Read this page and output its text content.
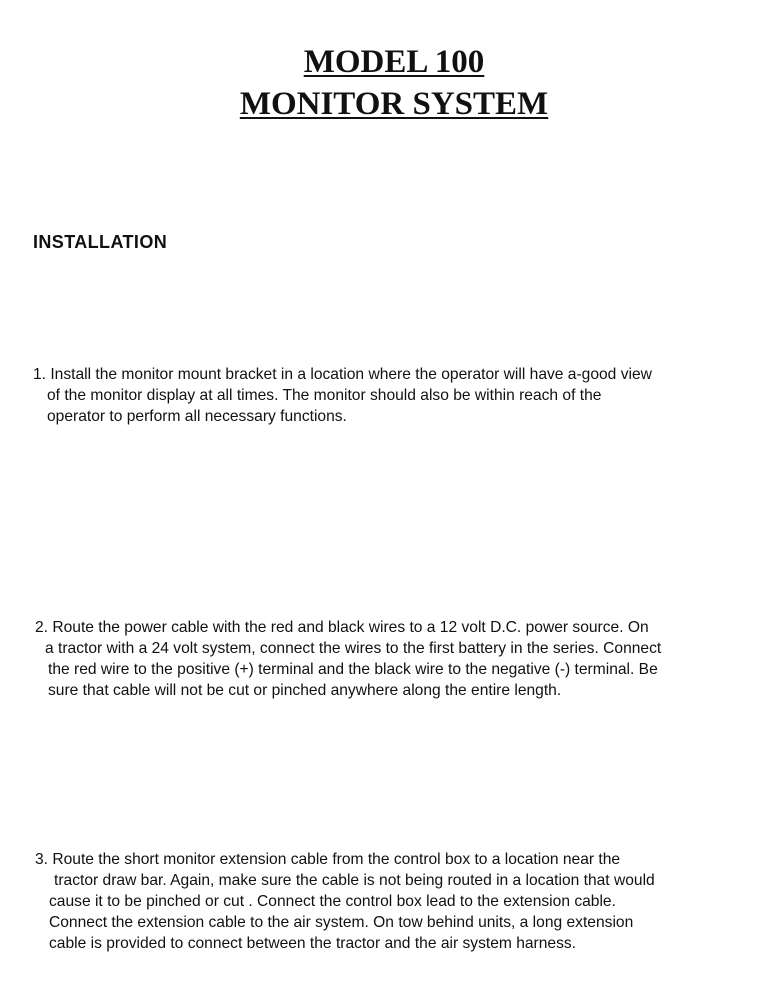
MODEL 100
MONITOR SYSTEM
INSTALLATION
1. Install the monitor mount bracket in a location where the operator will have a-good view
of the monitor display at all times. The monitor should also be within reach of the
operator to perform all necessary functions.
2. Route the power cable with the red and black wires to a 12 volt D.C. power source. On
a tractor with a 24 volt system, connect the wires to the first battery in the series. Connect
the red wire to the positive (+) terminal and the black wire to the negative (-) terminal. Be
sure that cable will not be cut or pinched anywhere along the entire length.
3. Route the short monitor extension cable from the control box to a location near the
tractor draw bar. Again, make sure the cable is not being routed in a location that would
cause it to be pinched or cut . Connect the control box lead to the extension cable.
Connect the extension cable to the air system. On tow behind units, a long extension
cable is provided to connect between the tractor and the air system harness.
